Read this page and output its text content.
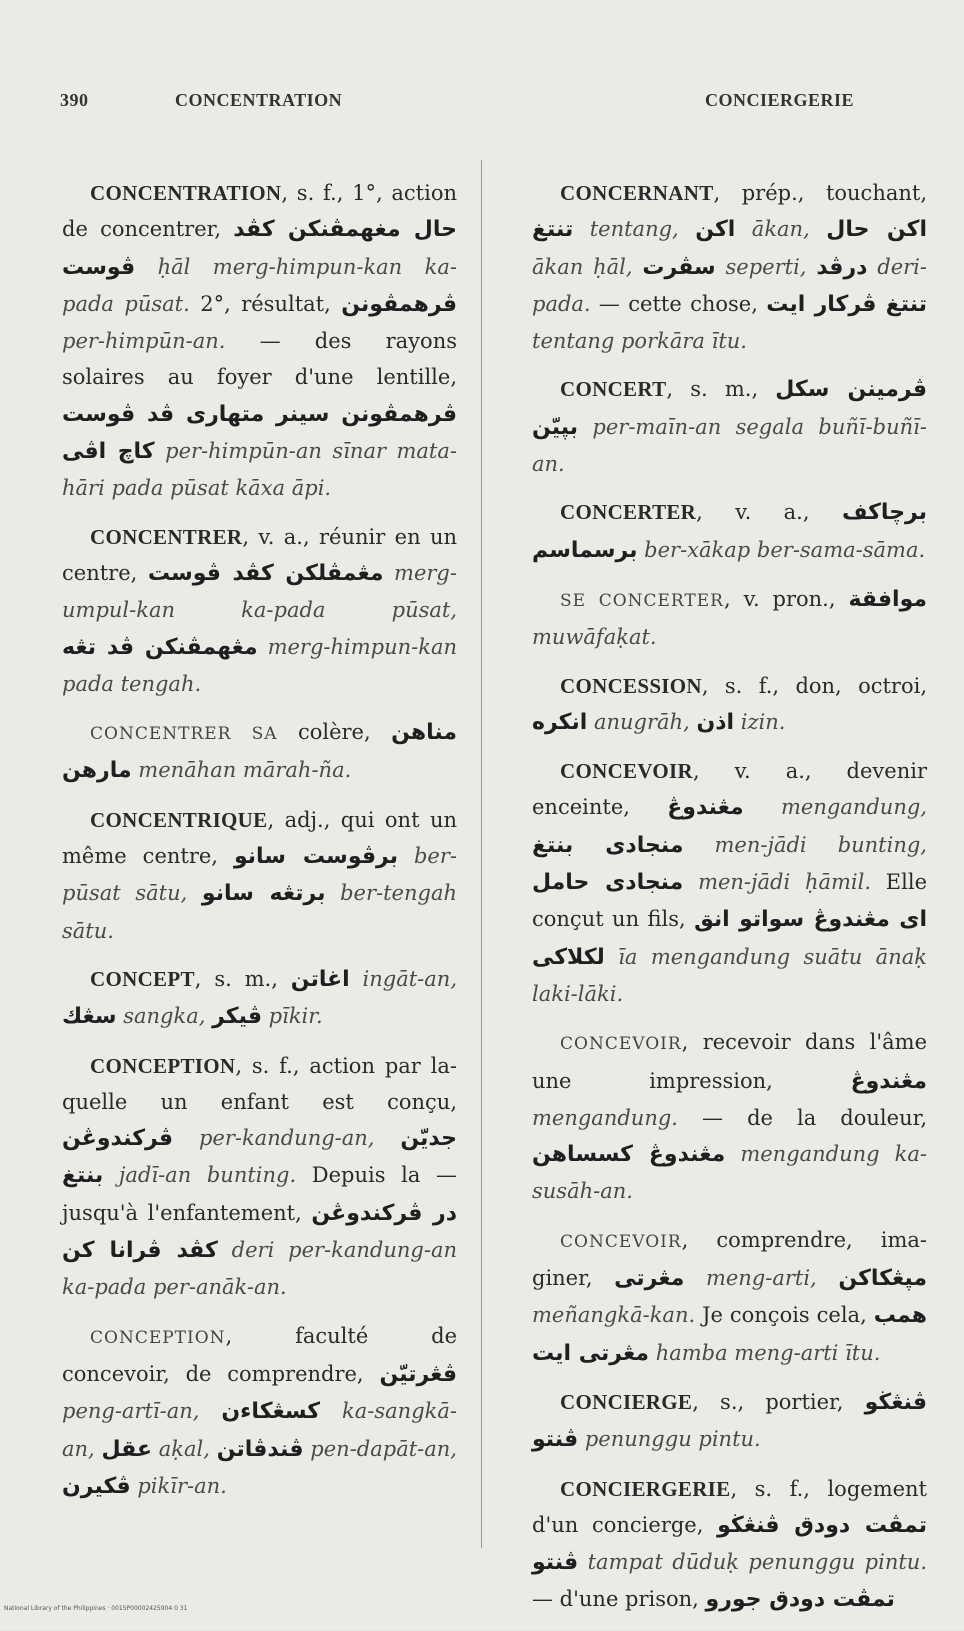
390	CONCENTRATION	CONCIERGERIE

CONCENTRATION, s. f., 1°, action de concentrer, حال مغهمڤنکن کڤد ڤوست ḥāl merg-himpun-kan ka-pada pūsat. 2°, résultat, ڤرهمڤونن per-himpūn-an. — des rayons solaires au foyer d'une lentille, ڤرهمڤونن سينر متهاری ڤد ڤوست کاچ اڤی per-himpūn-an sīnar mata-hāri pada pūsat kāxa āpi.

CONCENTRER, v. a., réunir en un centre, مڠمڤلکن کڤد ڤوست merg-umpul-kan ka-pada pūsat, مڠهمڤنکن ڤد تڠه merg-himpun-kan pada tengah.

CONCENTRER SA colère, مناهن مارهن menāhan mārah-ña.

CONCENTRIQUE, adj., qui ont un même centre, برڤوست سانو ber-pūsat sātu, برتڠه سانو ber-tengah sātu.

CONCEPT, s. m., اغاتن ingāt-an, سڠك sangka, ڤيکر pīkir.

CONCEPTION, s. f., action par la-quelle un enfant est conçu, ڤرکندوڠن per-kandung-an, جديّن بنتغ jadī-an bunting. Depuis la — jusqu'à l'enfantement, در ڤرکندوڠن کڤد ڤرانا کن deri per-kandung-an ka-pada per-anāk-an.

CONCEPTION, faculté de concevoir, de comprendre, ڤڠرتيّن peng-artī-an, کسڠکاءن ka-sangkā-an, عقل aḳal, ڤندڤاتن pen-dapāt-an, ڤکيرن pikīr-an.

CONCERNANT, prép., touchant, تنتغ tentang, اکن ākan, اکن حال ākan ḥāl, سڤرت seperti, درڤد deri-pada. — cette chose, تنتغ ڤرکار ايت tentang porkāra ītu.

CONCERT, s. m., ڤرمينن سکل بپيّن per-maīn-an segala buñī-buñī-an.

CONCERTER, v. a., برچاکف برسماسم ber-xākap ber-sama-sāma.

SE CONCERTER, v. pron., موافقة muwāfaḳat.

CONCESSION, s. f., don, octroi, انکره anugrāh, اذن izin.

CONCEVOIR, v. a., devenir enceinte, مڠندوڠ mengandung, منجادی بنتغ men-jādi bunting, منجادی حامل men-jādi ḥāmil. Elle conçut un fils, اى مڠندوڠ سواتو انق لکلاکی īa mengandung suātu ānaḳ laki-lāki.

CONCEVOIR, recevoir dans l'âme une impression, مڠندوڠ mengandung. — de la douleur, مڠندوڠ کسساهن mengandung ka-susāh-an.

CONCEVOIR, comprendre, ima-giner, مڠرتی meng-arti, مڽڠکاکن meñangkā-kan. Je conçois cela, همب مڠرتی ايت hamba meng-arti ītu.

CONCIERGE, s., portier, ڤنڠڬو ڤنتو penunggu pintu.

CONCIERGERIE, s. f., logement d'un concierge, تمڤت دودق ڤنڠڬو ڤنتو tampat dūduḳ penunggu pintu. — d'une prison, تمڤت دودق جورو

National Library of the Philippines · 0015P00002425904 0 31
